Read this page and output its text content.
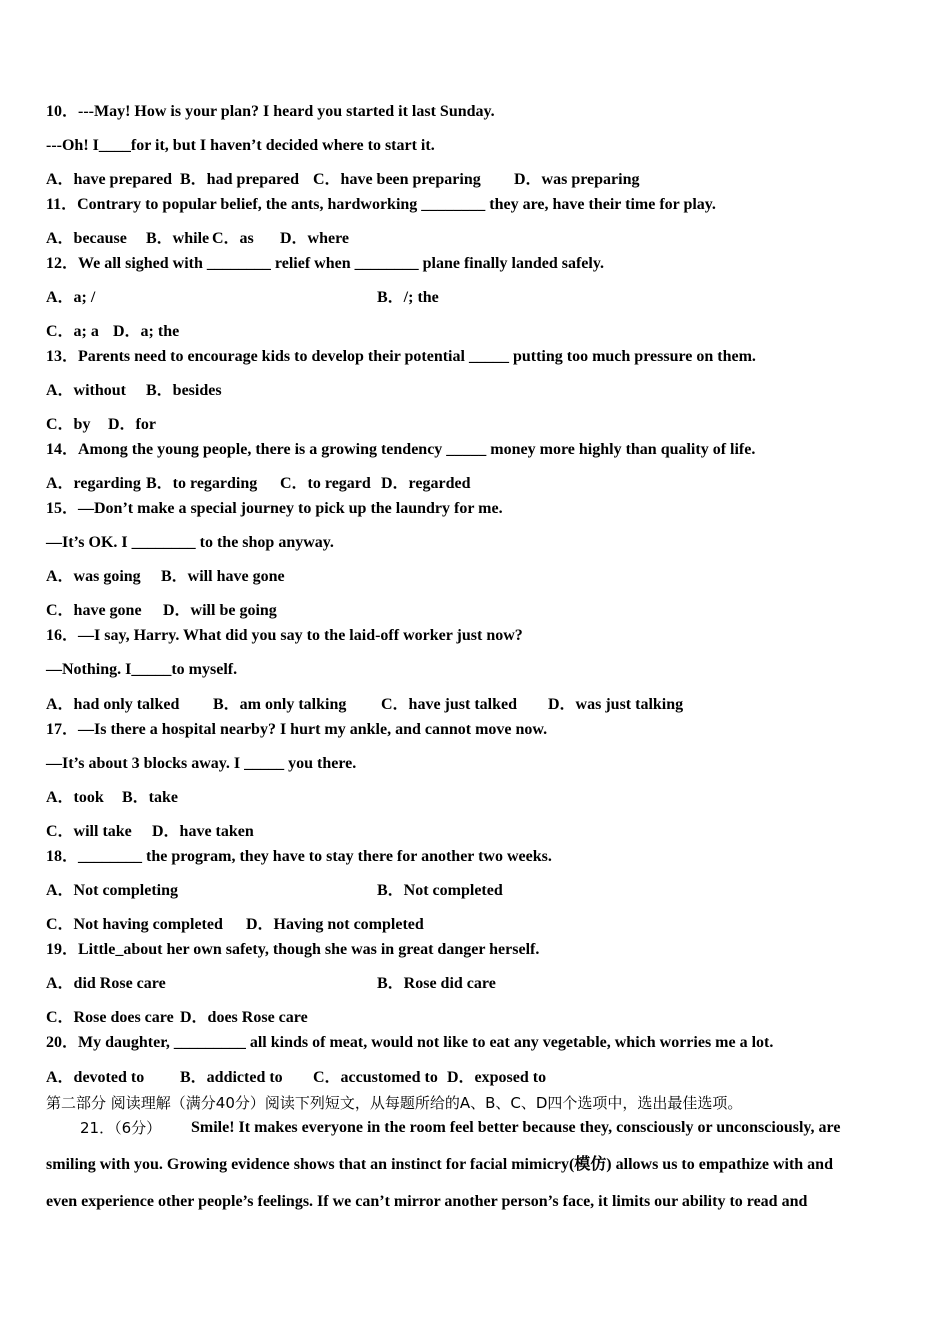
10．---May! How is your plan? I heard you started it last Sunday.
---Oh! I____for it, but I haven’t decided where to start it.
A．have prepared B．had prepared C．have been preparing D．was preparing
11．Contrary to popular belief, the ants, hardworking ________ they are, have their time for play.
A．because B．while C．as D．where
12．We all sighed with ________ relief when ________ plane finally landed safely.
A．a; /	B．/; the
C．a; a D．a; the
13．Parents need to encourage kids to develop their potential _____ putting too much pressure on them.
A．without B．besides
C．by D．for
14．Among the young people, there is a growing tendency _____ money more highly than quality of life.
A．regarding B．to regarding C．to regard D．regarded
15．—Don’t make a special journey to pick up the laundry for me.
—It’s OK. I ________ to the shop anyway.
A．was going B．will have gone
C．have gone D．will be going
16．—I say, Harry. What did you say to the laid-off worker just now?
—Nothing. I_____to myself.
A．had only talked B．am only talking C．have just talked D．was just talking
17．—Is there a hospital nearby? I hurt my ankle, and cannot move now.
—It’s about 3 blocks away. I _____ you there.
A．took B．take
C．will take D．have taken
18．________ the program, they have to stay there for another two weeks.
A．Not completing	B．Not completed
C．Not having completed D．Having not completed
19．Little_about her own safety, though she was in great danger herself.
A．did Rose care	B．Rose did care
C．Rose does care D．does Rose care
20．My daughter, _________ all kinds of meat, would not like to eat any vegetable, which worries me a lot.
A．devoted to B．addicted to C．accustomed to D．exposed to
第二部分 阅读理解（满分40分）阅读下列短文，从每题所给的A、B、C、D四个选项中，选出最佳选项。
21．（6分） Smile! It makes everyone in the room feel better because they, consciously or unconsciously, are
smiling with you. Growing evidence shows that an instinct for facial mimicry(模仿) allows us to empathize with and
even experience other people’s feelings. If we can’t mirror another person’s face, it limits our ability to read and
